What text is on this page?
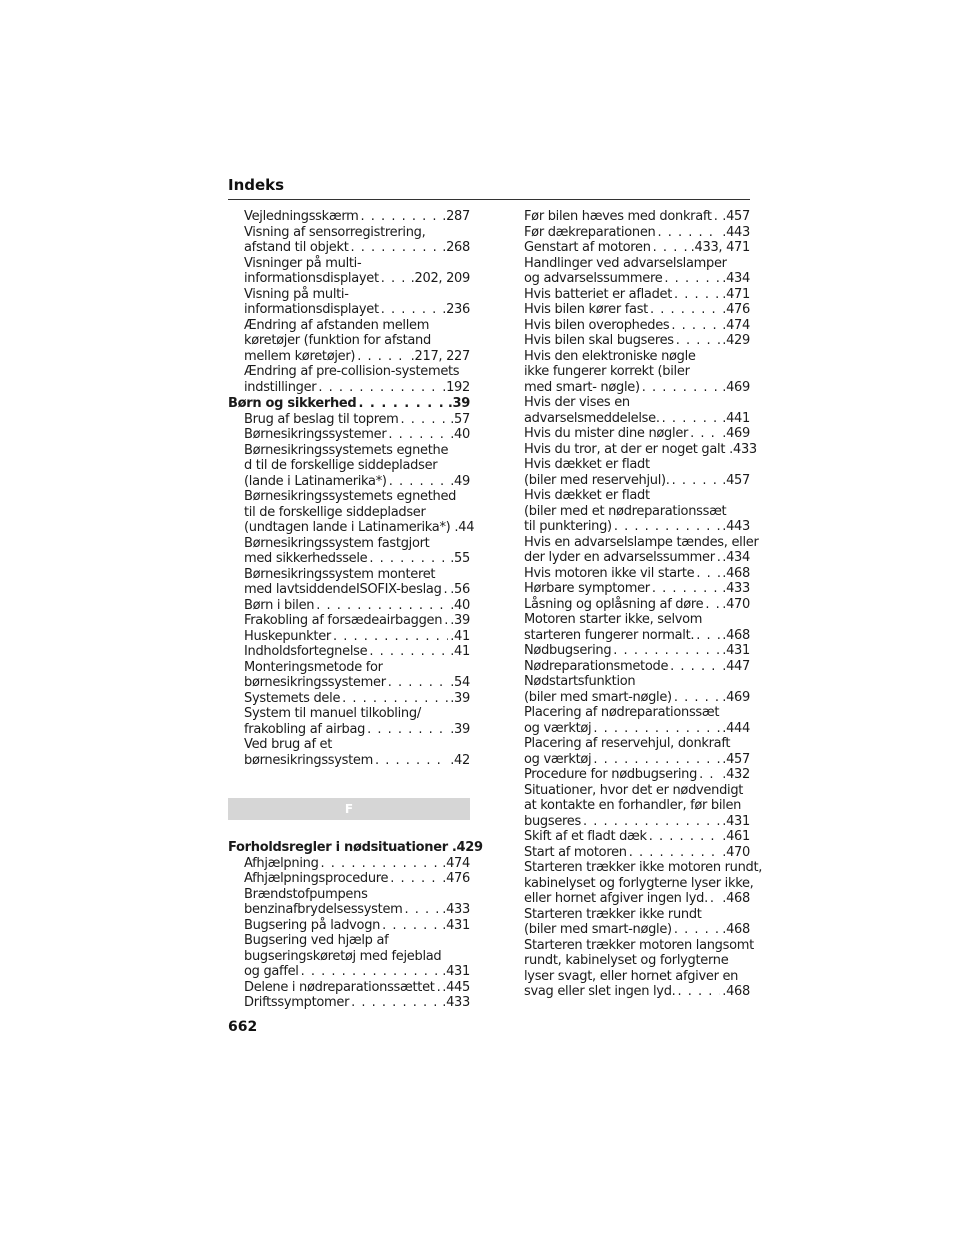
Indeks
Vejledningsskærm . . .	.287
Visning af sensorregistrering,
afstand til objekt . . .	.268
Visninger på multi-
informationsdisplayet . . . .202, 209
Visning på multi-
informationsdisplayet . . .	.236
Ændring af afstanden mellem
køretøjer (funktion for afstand
mellem køretøjer) . . .	.217, 227
Ændring af pre-collision-systemets
indstillinger . . .	.192
Børn og sikkerhed . . .	.39
Brug af beslag til toprem . . .	.57
Børnesikringssystemer . . .	.40
Børnesikringssystemets egnethe
d til de forskellige siddepladser
(lande i Latinamerika*) . . .	.49
Børnesikringssystemets egnethed
til de forskellige siddepladser
(undtagen lande i Latinamerika*) .44
Børnesikringssystem fastgjort
med sikkerhedssele . . .	.55
Børnesikringssystem monteret
med lavtsiddendeISOFIX-beslag . . . .56
Børn i bilen . . .	.40
Frakobling af forsædeairbaggen . . . .39
Huskepunkter . . .	.41
Indholdsfortegnelse . . .	.41
Monteringsmetode for
børnesikringssystemer . . .	.54
Systemets dele . . .	.39
System til manuel tilkobling/
frakobling af airbag . . .	.39
Ved brug af et
børnesikringssystem . . .	.42
F
Forholdsregler i nødsituationer .429
Afhjælpning . . .	.474
Afhjælpningsprocedure . . .	.476
Brændstofpumpens
benzinafbrydelsessystem . . .	.433
Bugsering på ladvogn . . .	.431
Bugsering ved hjælp af
bugseringskøretøj med fejeblad
og gaffel . . .	.431
Delene i nødreparationssættet . . . .445
Driftssymptomer . . .	.433
Før bilen hæves med donkraft . . . .457
Før dækreparationen . . .	.443
Genstart af motoren . . .	.433, 471
Handlinger ved advarselslamper
og advarselssummere . . .	.434
Hvis batteriet er afladet . . .	.471
Hvis bilen kører fast . . .	.476
Hvis bilen overophedes . . .	.474
Hvis bilen skal bugseres . . .	.429
Hvis den elektroniske nøgle
ikke fungerer korrekt (biler
med smart- nøgle) . . .	.469
Hvis der vises en
advarselsmeddelelse. . . .	.441
Hvis du mister dine nøgler . . .	.469
Hvis du tror, at der er noget galt .433
Hvis dækket er fladt
(biler med reservehjul). . . .	.457
Hvis dækket er fladt
(biler med et nødreparationssæt
til punktering) . . .	.443
Hvis en advarselslampe tændes, eller
der lyder en advarselssummer . . . .434
Hvis motoren ikke vil starte . . . .468
Hørbare symptomer . . .	.433
Låsning og oplåsning af døre . . . .470
Motoren starter ikke, selvom
starteren fungerer normalt. . . . .468
Nødbugsering . . .	.431
Nødreparationsmetode . . .	.447
Nødstartsfunktion
(biler med smart-nøgle) . . .	.469
Placering af nødreparationssæt
og værktøj . . .	.444
Placering af reservehjul, donkraft
og værktøj . . .	.457
Procedure for nødbugsering . . . .432
Situationer, hvor det er nødvendigt
at kontakte en forhandler, før bilen
bugseres . . .	.431
Skift af et fladt dæk . . .	.461
Start af motoren . . .	.470
Starteren trækker ikke motoren rundt,
kabinelyset og forlygterne lyser ikke,
eller hornet afgiver ingen lyd. . . . .468
Starteren trækker ikke rundt
(biler med smart-nøgle) . . .	.468
Starteren trækker motoren langsomt
rundt, kabinelyset og forlygterne
lyser svagt, eller hornet afgiver en
svag eller slet ingen lyd. . . .	.468
662
